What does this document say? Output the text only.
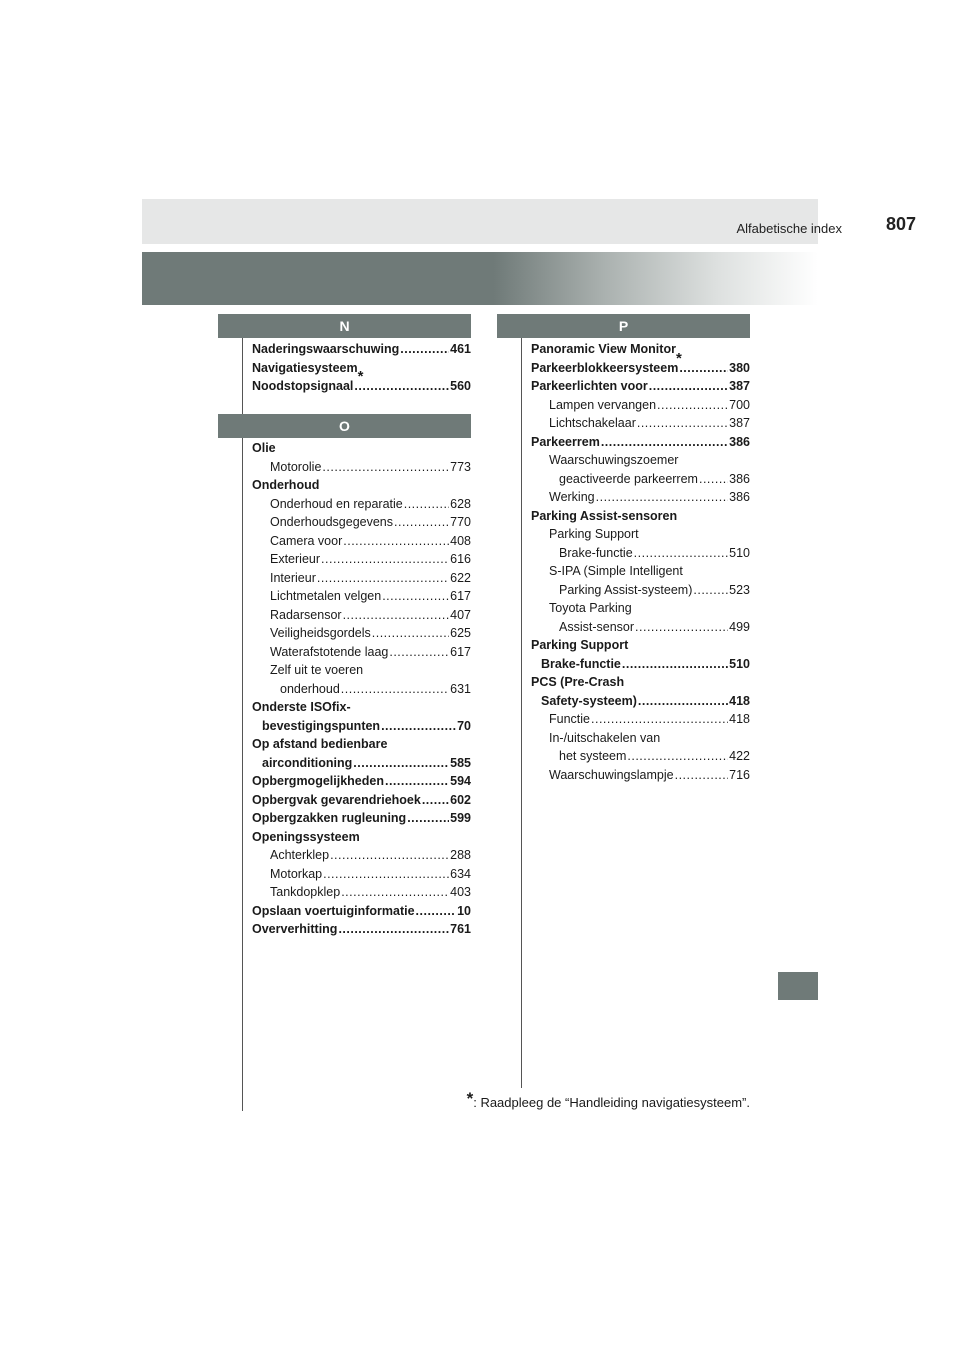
Alfabetische index 807
N
Naderingswaarschuwing .....	461
Navigatiesysteem
*
Noodstopsignaal .....	560
O
Olie
Motorolie .....	773
Onderhoud
Onderhoud en reparatie .....	628
Onderhoudsgegevens .....	770
Camera voor .....	408
Exterieur .....	616
Interieur .....	622
Lichtmetalen velgen .....	617
Radarsensor .....	407
Veiligheidsgordels .....	625
Waterafstotende laag .....	617
Zelf uit te voeren
onderhoud .....	631
Onderste ISOfix-
bevestigingspunten .....	70
Op afstand bedienbare
airconditioning .....	585
Opbergmogelijkheden .....	594
Opbergvak gevarendriehoek ..... 602
Opbergzakken rugleuning .....	599
Openingssysteem
Achterklep .....	288
Motorkap .....	634
Tankdopklep .....	403
Opslaan voertuiginformatie .....	10
Oververhitting .....	761
P
Panoramic View Monitor
*
Parkeerblokkeersysteem .....	380
Parkeerlichten voor .....	387
Lampen vervangen .....	700
Lichtschakelaar .....	387
Parkeerrem .....	386
Waarschuwingszoemer
geactiveerde parkeerrem ..... 386
Werking .....	386
Parking Assist-sensoren
Parking Support
Brake-functie .....	510
S-IPA (Simple Intelligent
Parking Assist-systeem) .....	523
Toyota Parking
Assist-sensor .....	499
Parking Support
Brake-functie .....	510
PCS (Pre-Crash
Safety-systeem) .....	418
Functie .....	418
In-/uitschakelen van
het systeem .....	422
Waarschuwingslampje .....	716
*: Raadpleeg de “Handleiding navigatiesysteem”.
